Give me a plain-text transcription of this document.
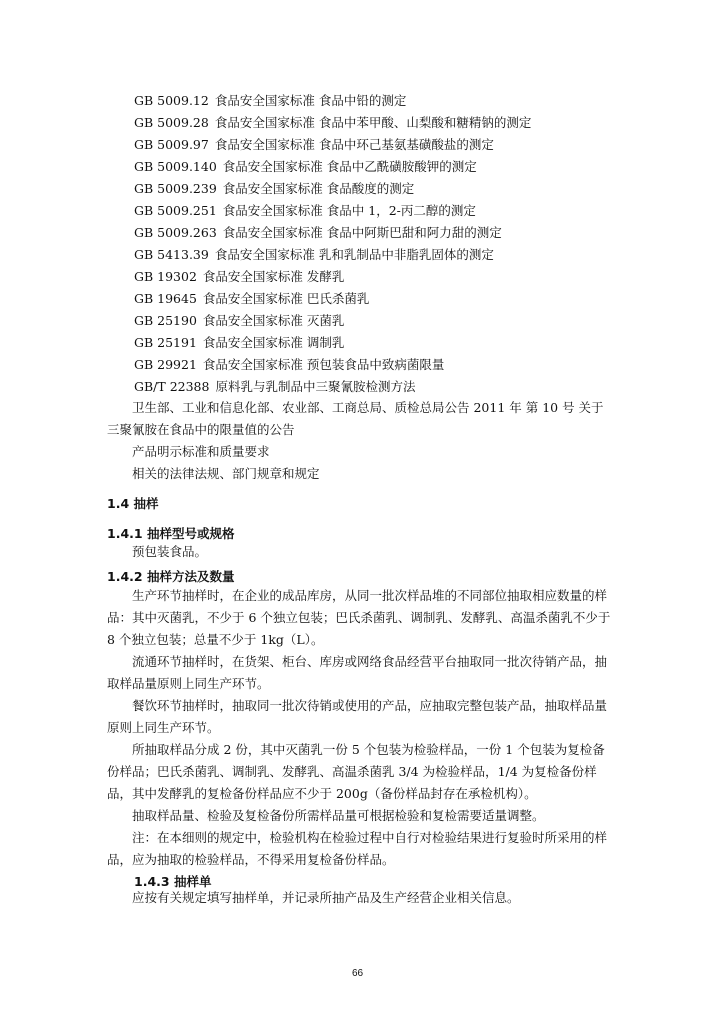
GB 5009.12 食品安全国家标准 食品中铅的测定
GB 5009.28 食品安全国家标准 食品中苯甲酸、山梨酸和糖精钠的测定
GB 5009.97 食品安全国家标准 食品中环己基氨基磺酸盐的测定
GB 5009.140 食品安全国家标准 食品中乙酰磺胺酸钾的测定
GB 5009.239 食品安全国家标准 食品酸度的测定
GB 5009.251 食品安全国家标准 食品中 1，2-丙二醇的测定
GB 5009.263 食品安全国家标准 食品中阿斯巴甜和阿力甜的测定
GB 5413.39 食品安全国家标准 乳和乳制品中非脂乳固体的测定
GB 19302 食品安全国家标准 发酵乳
GB 19645 食品安全国家标准 巴氏杀菌乳
GB 25190 食品安全国家标准 灭菌乳
GB 25191 食品安全国家标准 调制乳
GB 29921 食品安全国家标准 预包装食品中致病菌限量
GB/T 22388 原料乳与乳制品中三聚氰胺检测方法
卫生部、工业和信息化部、农业部、工商总局、质检总局公告 2011 年 第 10 号 关于三聚氰胺在食品中的限量值的公告
产品明示标准和质量要求
相关的法律法规、部门规章和规定
1.4 抽样
1.4.1 抽样型号或规格
预包装食品。
1.4.2 抽样方法及数量
生产环节抽样时，在企业的成品库房，从同一批次样品堆的不同部位抽取相应数量的样品：其中灭菌乳，不少于 6 个独立包装；巴氏杀菌乳、调制乳、发酵乳、高温杀菌乳不少于 8 个独立包装；总量不少于 1kg（L）。
流通环节抽样时，在货架、柜台、库房或网络食品经营平台抽取同一批次待销产品，抽取样品量原则上同生产环节。
餐饮环节抽样时，抽取同一批次待销或使用的产品，应抽取完整包装产品，抽取样品量原则上同生产环节。
所抽取样品分成 2 份，其中灭菌乳一份 5 个包装为检验样品，一份 1 个包装为复检备份样品；巴氏杀菌乳、调制乳、发酵乳、高温杀菌乳 3/4 为检验样品，1/4 为复检备份样品，其中发酵乳的复检备份样品应不少于 200g（备份样品封存在承检机构）。
抽取样品量、检验及复检备份所需样品量可根据检验和复检需要适量调整。
注：在本细则的规定中，检验机构在检验过程中自行对检验结果进行复验时所采用的样品，应为抽取的检验样品，不得采用复检备份样品。
1.4.3 抽样单
应按有关规定填写抽样单，并记录所抽产品及生产经营企业相关信息。
66
